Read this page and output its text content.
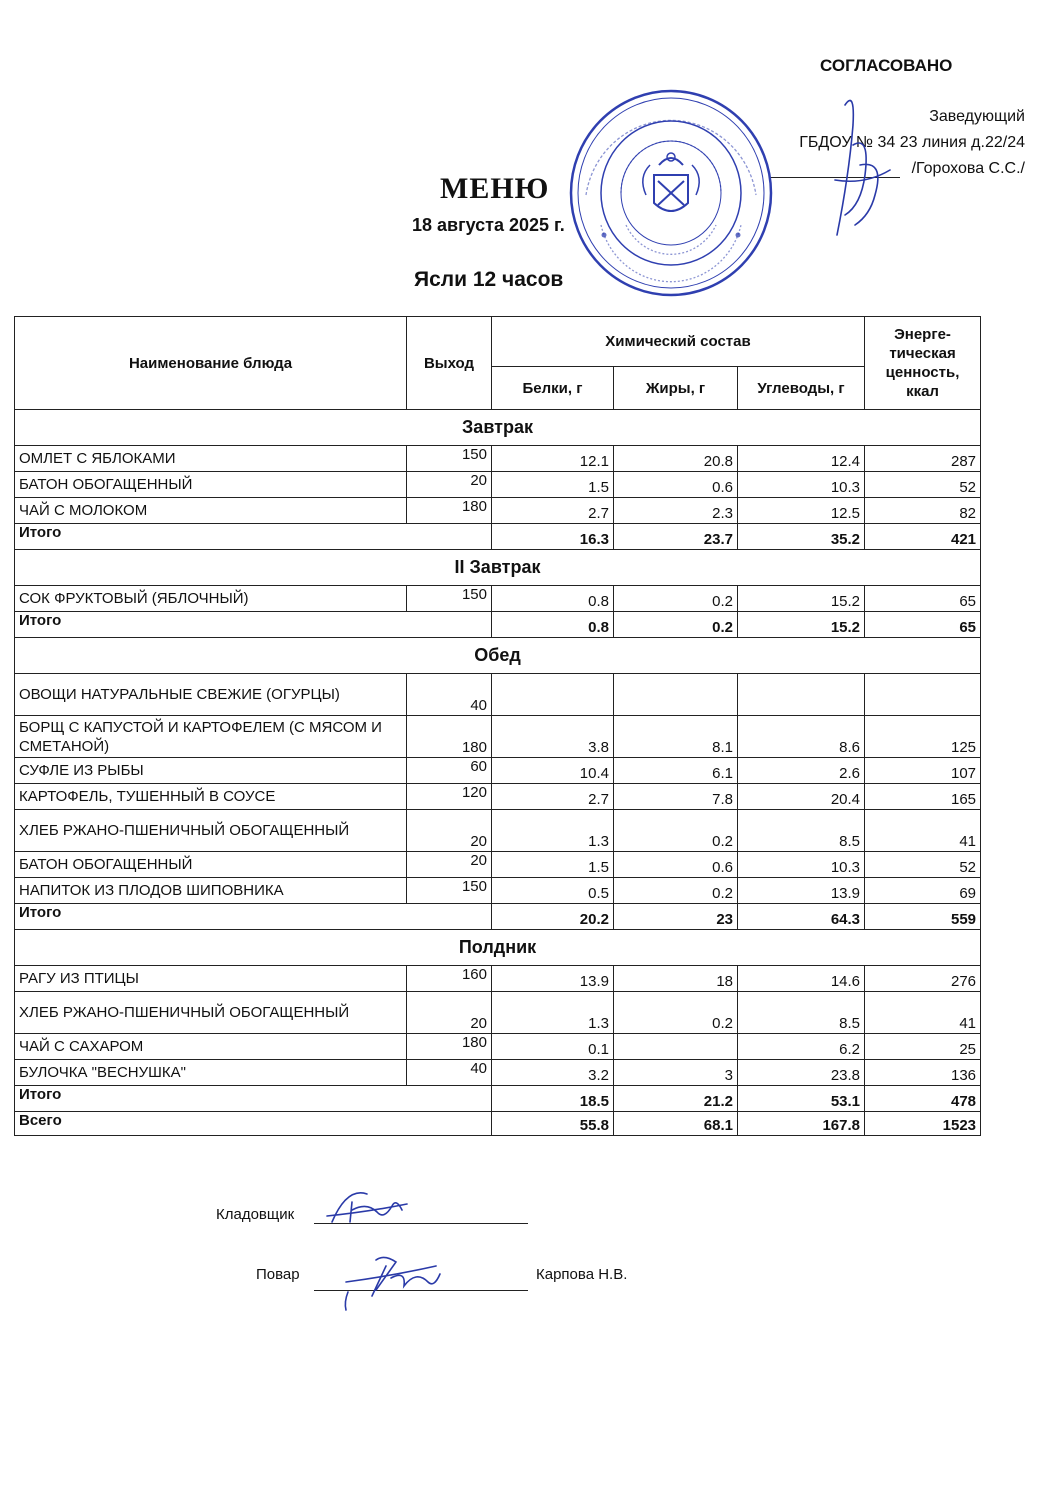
СОГЛАСОВАНО
Заведующий
ГБДОУ № 34 23 линия д.22/24
/Горохова С.С./
МЕНЮ
18 августа 2025 г.
Ясли 12 часов
Наименование блюда	Выход	Химический состав			Энерге-
тическая
ценность,
ккал

		Белки, г	Жиры, г	Углеводы, г	
Завтрак					
ОМЛЕТ С ЯБЛОКАМИ	150	12.1	20.8	12.4	287
БАТОН ОБОГАЩЕННЫЙ	20	1.5	0.6	10.3	52
ЧАЙ С МОЛОКОМ	180	2.7	2.3	12.5	82
Итого		16.3	23.7	35.2	421
II Завтрак					
СОК ФРУКТОВЫЙ (ЯБЛОЧНЫЙ)	150	0.8	0.2	15.2	65
Итого		0.8	0.2	15.2	65
Обед					
ОВОЩИ НАТУРАЛЬНЫЕ СВЕЖИЕ (ОГУРЦЫ)	40				
БОРЩ С КАПУСТОЙ И КАРТОФЕЛЕМ (С МЯСОМ И СМЕТАНОЙ)	180	3.8	8.1	8.6	125
СУФЛЕ ИЗ РЫБЫ	60	10.4	6.1	2.6	107
КАРТОФЕЛЬ, ТУШЕННЫЙ В СОУСЕ	120	2.7	7.8	20.4	165
ХЛЕБ РЖАНО-ПШЕНИЧНЫЙ ОБОГАЩЕННЫЙ	20	1.3	0.2	8.5	41
БАТОН ОБОГАЩЕННЫЙ	20	1.5	0.6	10.3	52
НАПИТОК ИЗ ПЛОДОВ ШИПОВНИКА	150	0.5	0.2	13.9	69
Итого		20.2	23	64.3	559
Полдник					
РАГУ ИЗ ПТИЦЫ	160	13.9	18	14.6	276
ХЛЕБ РЖАНО-ПШЕНИЧНЫЙ ОБОГАЩЕННЫЙ	20	1.3	0.2	8.5	41
ЧАЙ С САХАРОМ	180	0.1		6.2	25
БУЛОЧКА "ВЕСНУШКА"	40	3.2	3	23.8	136
Итого		18.5	21.2	53.1	478
Всего		55.8	68.1	167.8	1523
Кладовщик
Повар	Карпова Н.В.
